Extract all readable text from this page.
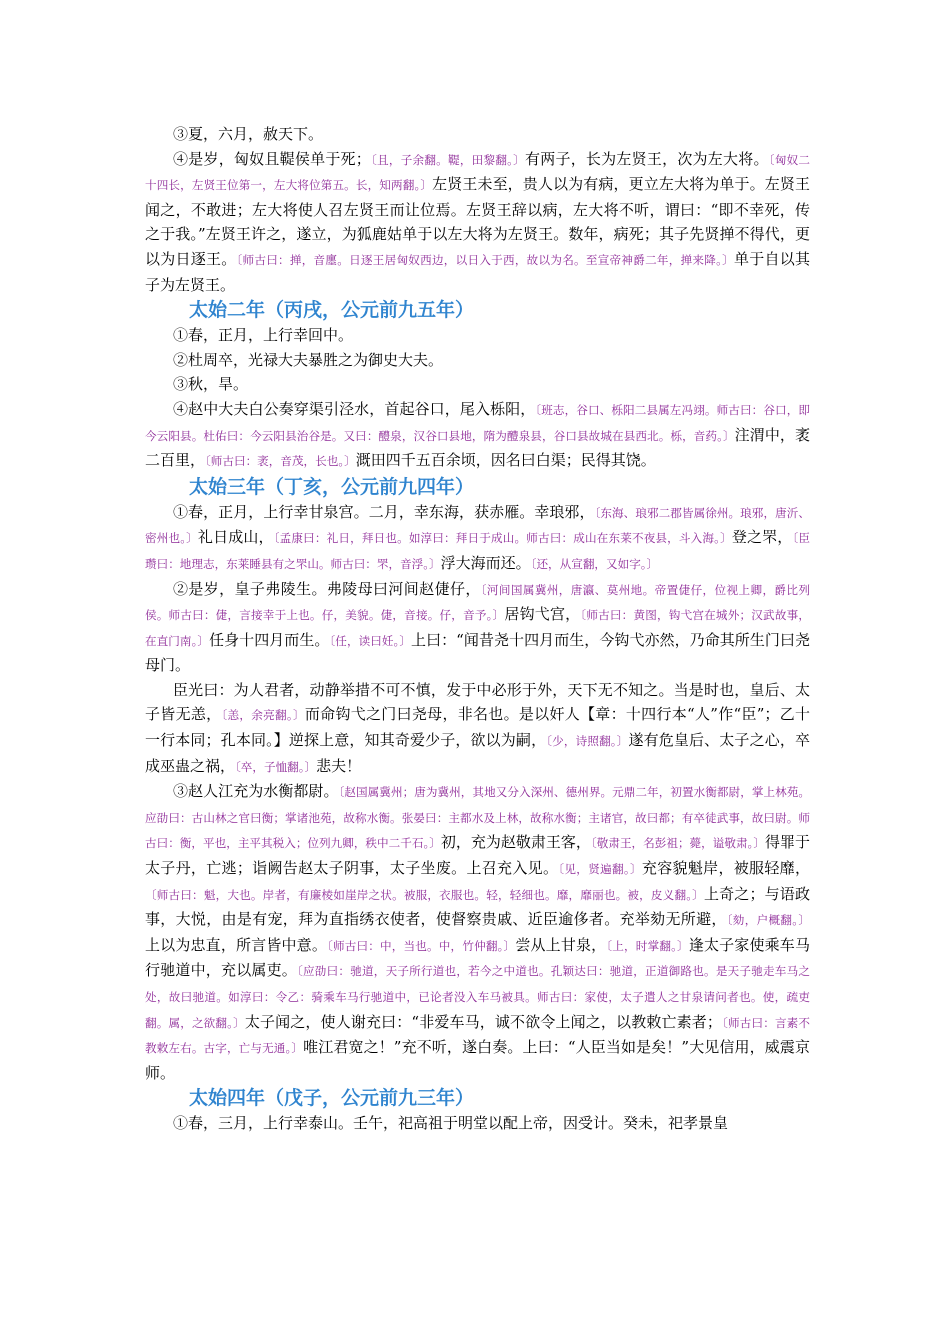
③夏，六月，赦天下。

④是岁，匈奴且鞮侯单于死；〔且，子余翻。鞮，田黎翻。〕有两子，长为左贤王，次为左大将。〔匈奴二十四长，左贤王位第一，左大将位第五。长，知两翻。〕左贤王未至，贵人以为有病，更立左大将为单于。左贤王闻之，不敢进；左大将使人召左贤王而让位焉。左贤王辞以病，左大将不听，谓曰：“即不幸死，传之于我。”左贤王许之，遂立，为狐鹿姑单于以左大将为左贤王。数年，病死；其子先贤掸不得代，更以为日逐王。〔师古曰：掸，音廛。日逐王居匈奴西边，以日入于西，故以为名。至宣帝神爵二年，掸来降。〕单于自以其子为左贤王。

太始二年（丙戌，公元前九五年）

①春，正月，上行幸回中。

②杜周卒，光禄大夫暴胜之为御史大夫。

③秋，旱。

④赵中大夫白公奏穿渠引泾水，首起谷口，尾入栎阳，〔班志，谷口、栎阳二县属左冯翊。师古曰：谷口，即今云阳县。杜佑曰：今云阳县治谷是。又曰：醴泉，汉谷口县地，隋为醴泉县，谷口县故城在县西北。栎，音药。〕注渭中，袤二百里，〔师古曰：袤，音茂，长也。〕溉田四千五百余顷，因名曰白渠；民得其饶。

太始三年（丁亥，公元前九四年）

①春，正月，上行幸甘泉宫。二月，幸东海，获赤雁。幸琅邪，〔东海、琅邪二郡皆属徐州。琅邪，唐沂、密州也。〕礼日成山，〔孟康曰：礼日，拜日也。如淳曰：拜日于成山。师古曰：成山在东莱不夜县，斗入海。〕登之罘，〔臣瓒曰：地理志，东莱睡县有之罘山。师古曰：罘，音浮。〕浮大海而还。〔还，从宣翻，又如字。〕

②是岁，皇子弗陵生。弗陵母曰河间赵倢仔，〔河间国属冀州，唐瀛、莫州地。帝置倢仔，位视上卿，爵比列侯。师古曰：倢，言接幸于上也。仔，美貌。倢，音接。仔，音予。〕居钩弋宫，〔师古曰：黄图，钩弋宫在城外；汉武故事，在直门南。〕任身十四月而生。〔任，读曰妊。〕上曰：“闻昔尧十四月而生，今钩弋亦然，乃命其所生门曰尧母门。

臣光曰：为人君者，动静举措不可不慎，发于中必形于外，天下无不知之。当是时也，皇后、太子皆无恙，〔恙，余亮翻。〕而命钩弋之门曰尧母，非名也。是以奸人【章：十四行本“人”作“臣”；乙十一行本同；孔本同。】逆探上意，知其奇爱少子，欲以为嗣，〔少，诗照翻。〕遂有危皇后、太子之心，卒成巫蛊之祸，〔卒，子恤翻。〕悲夫！

③赵人江充为水衡都尉。〔赵国属冀州；唐为冀州，其地又分入深州、德州界。元鼎二年，初置水衡都尉，掌上林苑。应劭曰：古山林之官曰衡；掌诸池苑，故称水衡。张晏曰：主都水及上林，故称水衡；主诸官，故曰都；有卒徒武事，故曰尉。师古曰：衡，平也，主平其税入；位列九卿，秩中二千石。〕初，充为赵敬肃王客，〔敬肃王，名彭祖；薨，谥敬肃。〕得罪于太子丹，亡逃；诣阙告赵太子阴事，太子坐废。上召充入见。〔见，贤遍翻。〕充容貌魁岸，被服轻靡，〔师古曰：魁，大也。岸者，有廉棱如崖岸之状。被服，衣服也。轻，轻细也。靡，靡丽也。被，皮义翻。〕上奇之；与语政事，大悦，由是有宠，拜为直指绣衣使者，使督察贵戚、近臣逾侈者。充举劾无所避，〔劾，户概翻。〕上以为忠直，所言皆中意。〔师古曰：中，当也。中，竹仲翻。〕尝从上甘泉，〔上，时掌翻。〕逢太子家使乘车马行驰道中，充以属吏。〔应劭曰：驰道，天子所行道也，若今之中道也。孔颖达曰：驰道，正道御路也。是天子驰走车马之处，故曰驰道。如淳曰：令乙：骑乘车马行驰道中，已论者没入车马被具。师古曰：家使，太子遣人之甘泉请问者也。使，疏吏翻。属，之欲翻。〕太子闻之，使人谢充曰：“非爱车马，诚不欲令上闻之，以教敕亡素者；〔师古曰：言素不教敕左右。古字，亡与无通。〕唯江君宽之！”充不听，遂白奏。上曰：“人臣当如是矣！”大见信用，威震京师。

太始四年（戊子，公元前九三年）

①春，三月，上行幸泰山。壬午，祀高祖于明堂以配上帝，因受计。癸未，祀孝景皇
